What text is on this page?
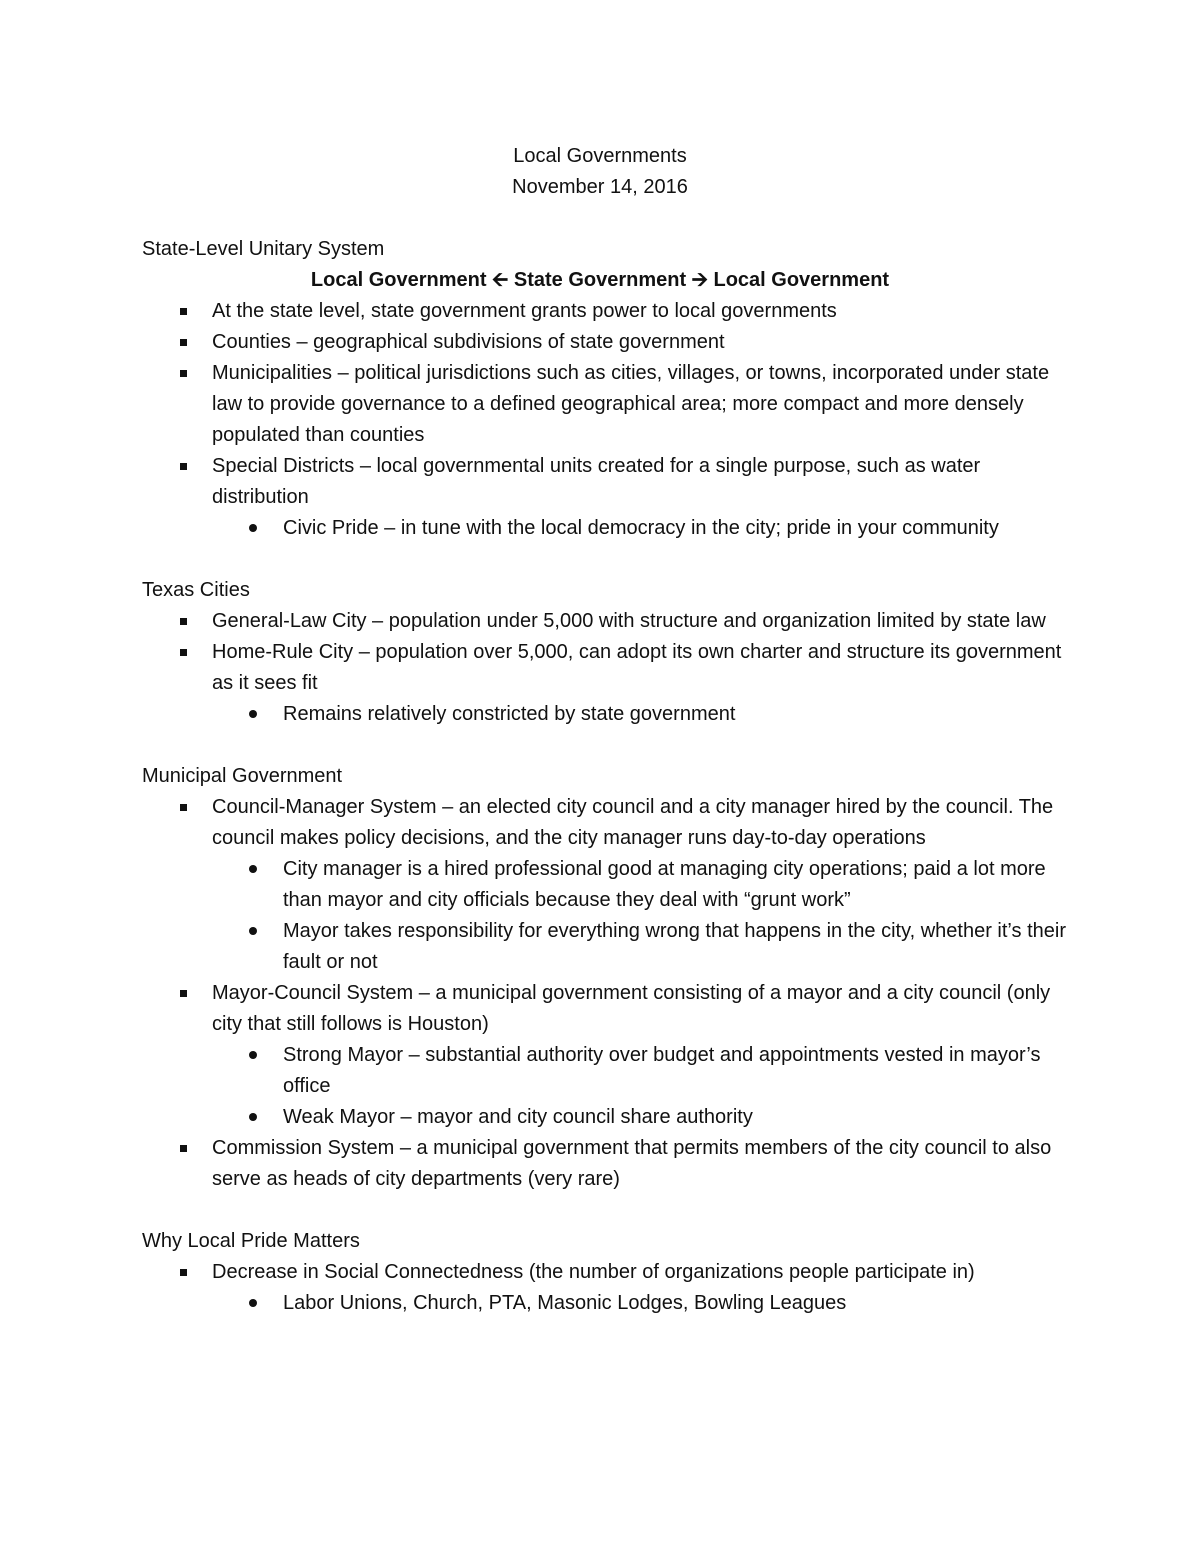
Local Governments
November 14, 2016
State-Level Unitary System
Local Government 🡨 State Government 🡪 Local Government
At the state level, state government grants power to local governments
Counties – geographical subdivisions of state government
Municipalities – political jurisdictions such as cities, villages, or towns, incorporated under state law to provide governance to a defined geographical area; more compact and more densely populated than counties
Special Districts – local governmental units created for a single purpose, such as water distribution
Civic Pride – in tune with the local democracy in the city; pride in your community
Texas Cities
General-Law City – population under 5,000 with structure and organization limited by state law
Home-Rule City – population over 5,000, can adopt its own charter and structure its government as it sees fit
Remains relatively constricted by state government
Municipal Government
Council-Manager System – an elected city council and a city manager hired by the council. The council makes policy decisions, and the city manager runs day-to-day operations
City manager is a hired professional good at managing city operations; paid a lot more than mayor and city officials because they deal with “grunt work”
Mayor takes responsibility for everything wrong that happens in the city, whether it’s their fault or not
Mayor-Council System – a municipal government consisting of a mayor and a city council (only city that still follows is Houston)
Strong Mayor – substantial authority over budget and appointments vested in mayor’s office
Weak Mayor – mayor and city council share authority
Commission System – a municipal government that permits members of the city council to also serve as heads of city departments (very rare)
Why Local Pride Matters
Decrease in Social Connectedness (the number of organizations people participate in)
Labor Unions, Church, PTA, Masonic Lodges, Bowling Leagues
